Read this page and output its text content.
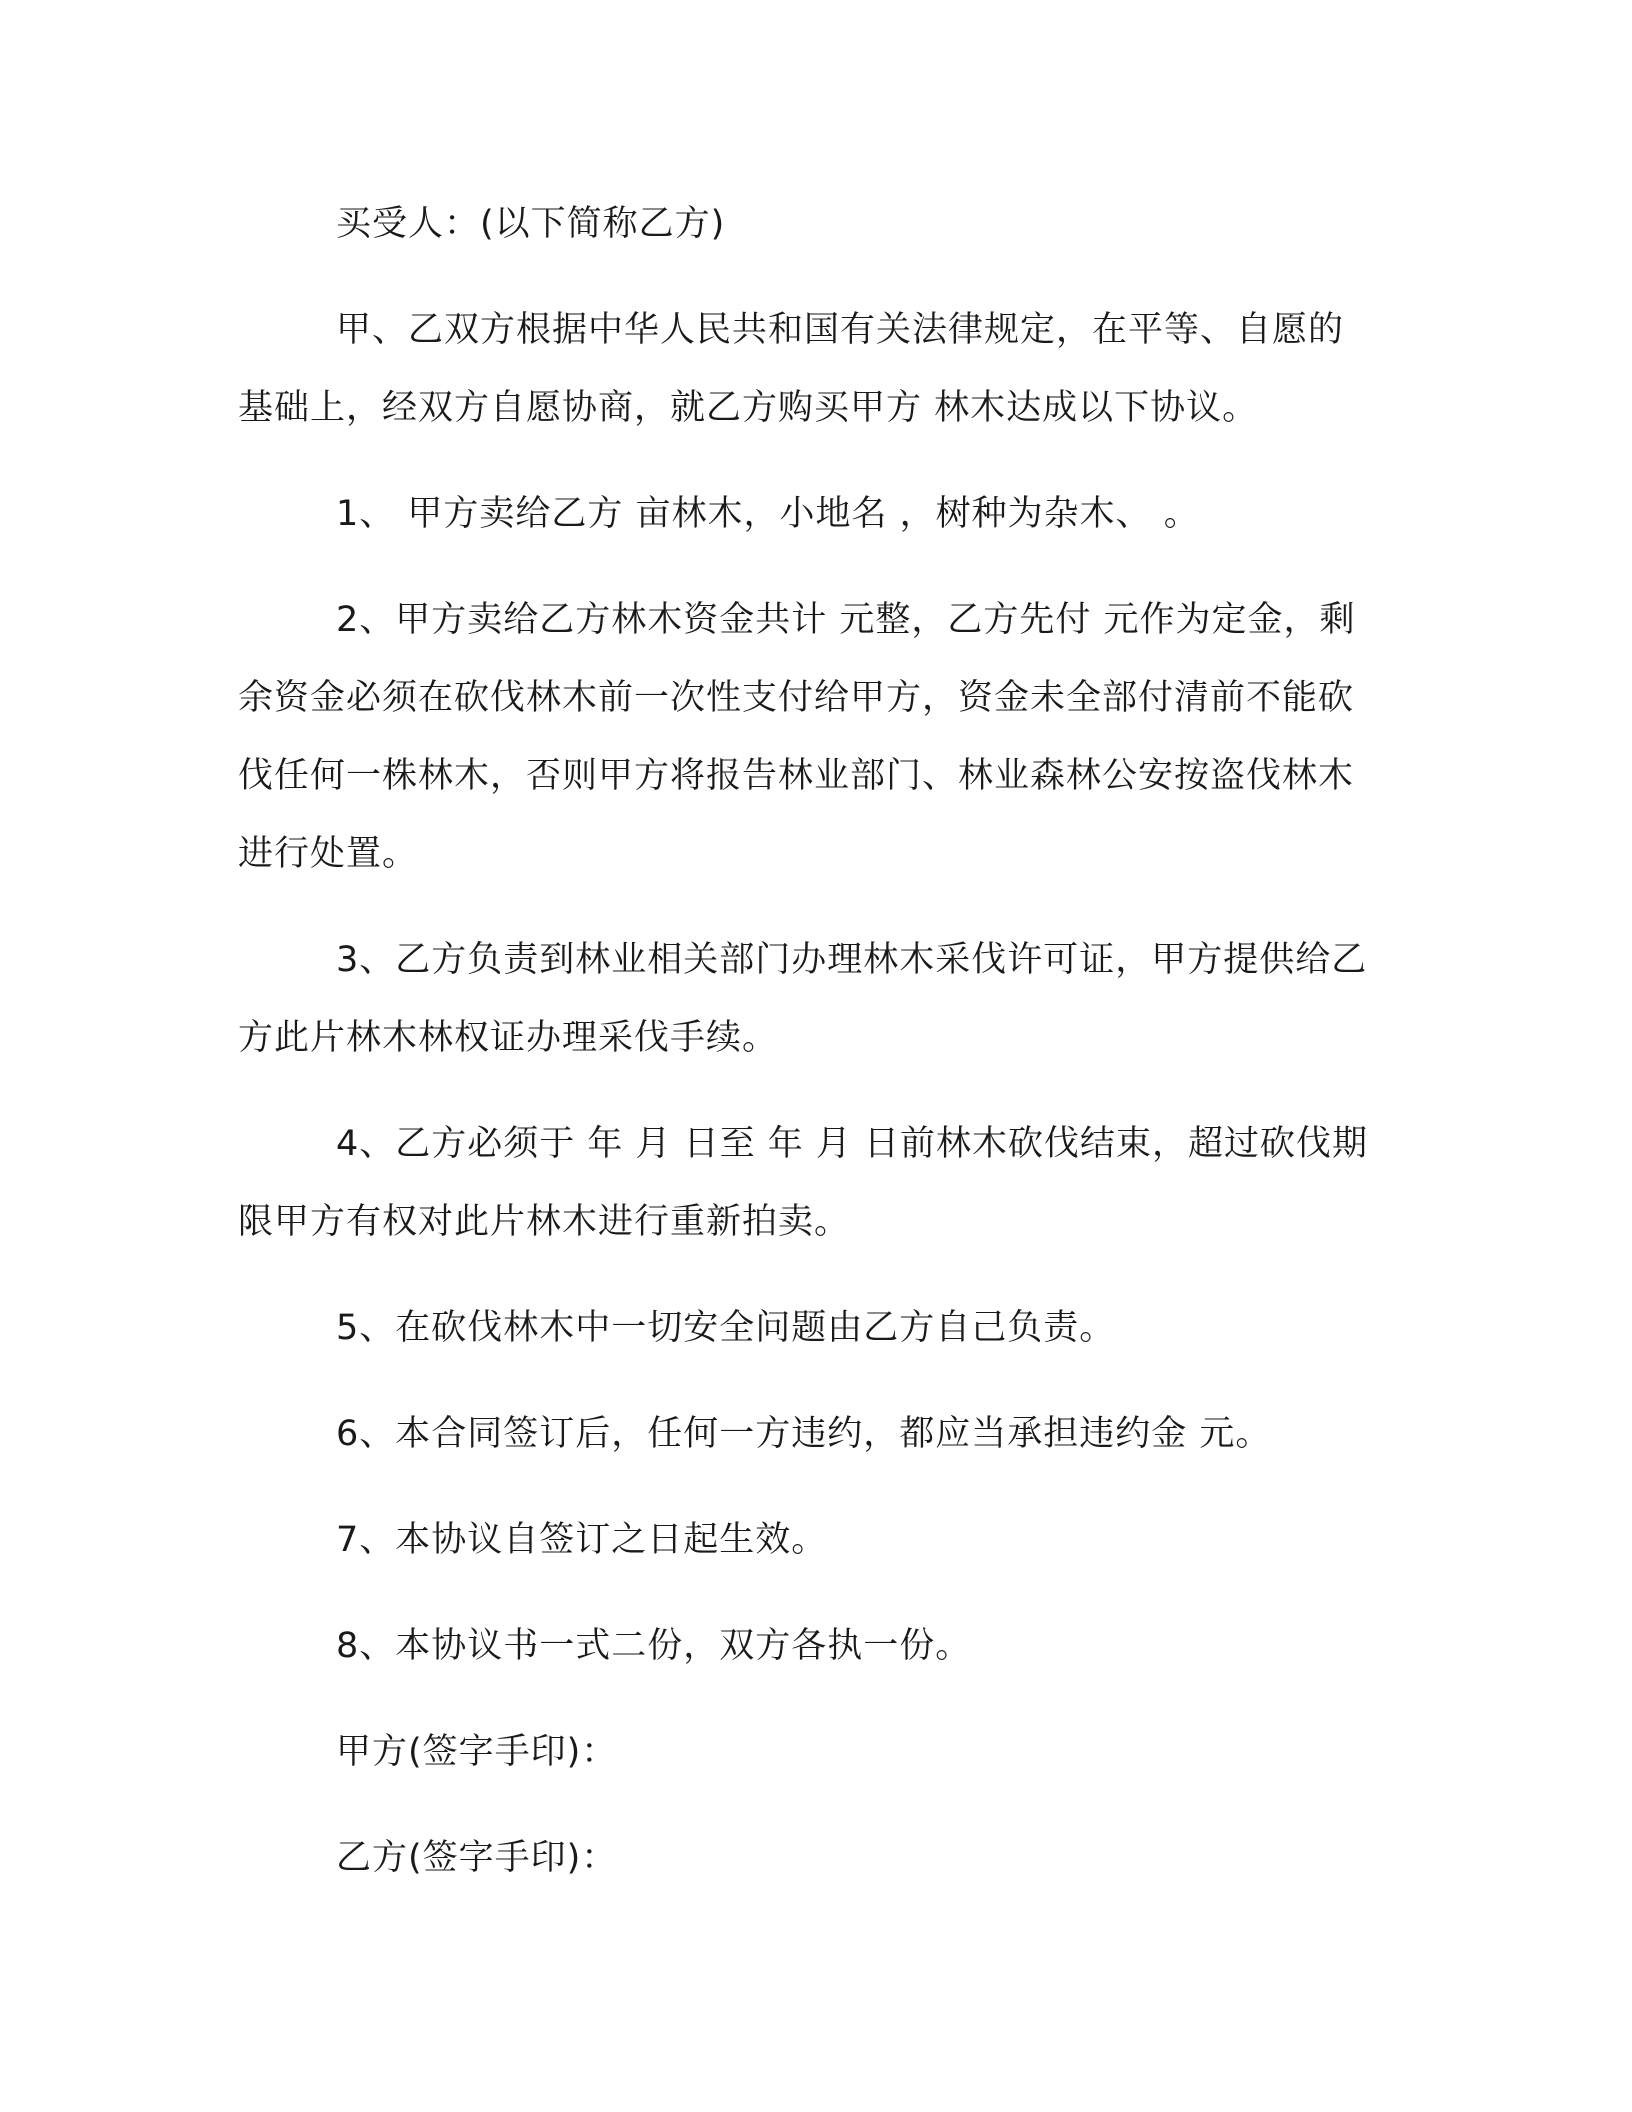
买受人：(以下简称乙方)

甲、乙双方根据中华人民共和国有关法律规定，在平等、自愿的基础上，经双方自愿协商，就乙方购买甲方 林木达成以下协议。

1、 甲方卖给乙方 亩林木，小地名 ，树种为杂木、 。

2、甲方卖给乙方林木资金共计 元整，乙方先付 元作为定金，剩余资金必须在砍伐林木前一次性支付给甲方，资金未全部付清前不能砍伐任何一株林木，否则甲方将报告林业部门、林业森林公安按盗伐林木进行处置。

3、乙方负责到林业相关部门办理林木采伐许可证，甲方提供给乙方此片林木林权证办理采伐手续。

4、乙方必须于 年 月 日至 年 月 日前林木砍伐结束，超过砍伐期限甲方有权对此片林木进行重新拍卖。

5、在砍伐林木中一切安全问题由乙方自己负责。

6、本合同签订后，任何一方违约，都应当承担违约金 元。

7、本协议自签订之日起生效。

8、本协议书一式二份，双方各执一份。

甲方(签字手印)：

乙方(签字手印)：
